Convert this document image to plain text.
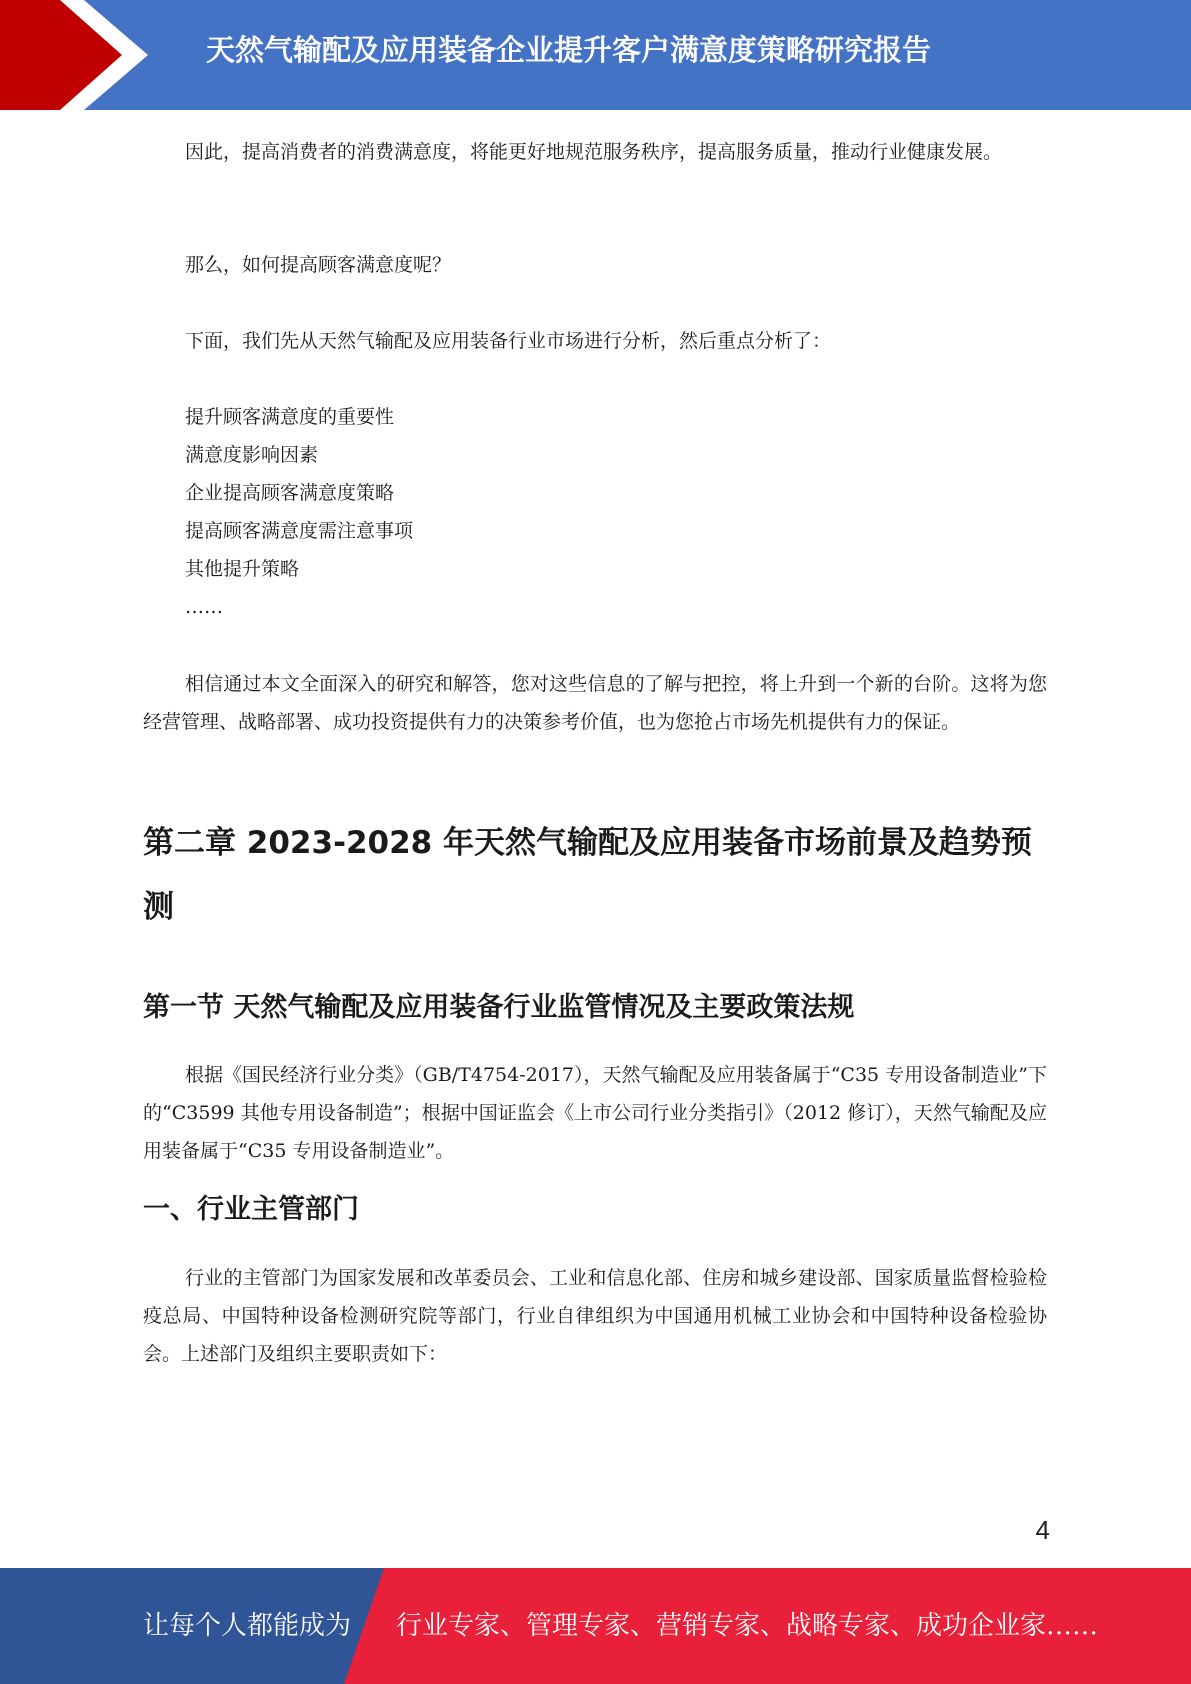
天然气输配及应用装备企业提升客户满意度策略研究报告

因此，提高消费者的消费满意度，将能更好地规范服务秩序，提高服务质量，推动行业健康发展。

那么，如何提高顾客满意度呢？

下面，我们先从天然气输配及应用装备行业市场进行分析，然后重点分析了：

提升顾客满意度的重要性
满意度影响因素
企业提高顾客满意度策略
提高顾客满意度需注意事项
其他提升策略
……

相信通过本文全面深入的研究和解答，您对这些信息的了解与把控，将上升到一个新的台阶。这将为您经营管理、战略部署、成功投资提供有力的决策参考价值，也为您抢占市场先机提供有力的保证。

第二章 2023-2028 年天然气输配及应用装备市场前景及趋势预测
第一节 天然气输配及应用装备行业监管情况及主要政策法规

根据《国民经济行业分类》（GB/T4754-2017），天然气输配及应用装备属于“C35 专用设备制造业”下的“C3599 其他专用设备制造”；根据中国证监会《上市公司行业分类指引》（2012 修订），天然气输配及应用装备属于“C35 专用设备制造业”。

一、行业主管部门

行业的主管部门为国家发展和改革委员会、工业和信息化部、住房和城乡建设部、国家质量监督检验检疫总局、中国特种设备检测研究院等部门，行业自律组织为中国通用机械工业协会和中国特种设备检验协会。上述部门及组织主要职责如下：

4
让每个人都能成为 行业专家、管理专家、营销专家、战略专家、成功企业家……
